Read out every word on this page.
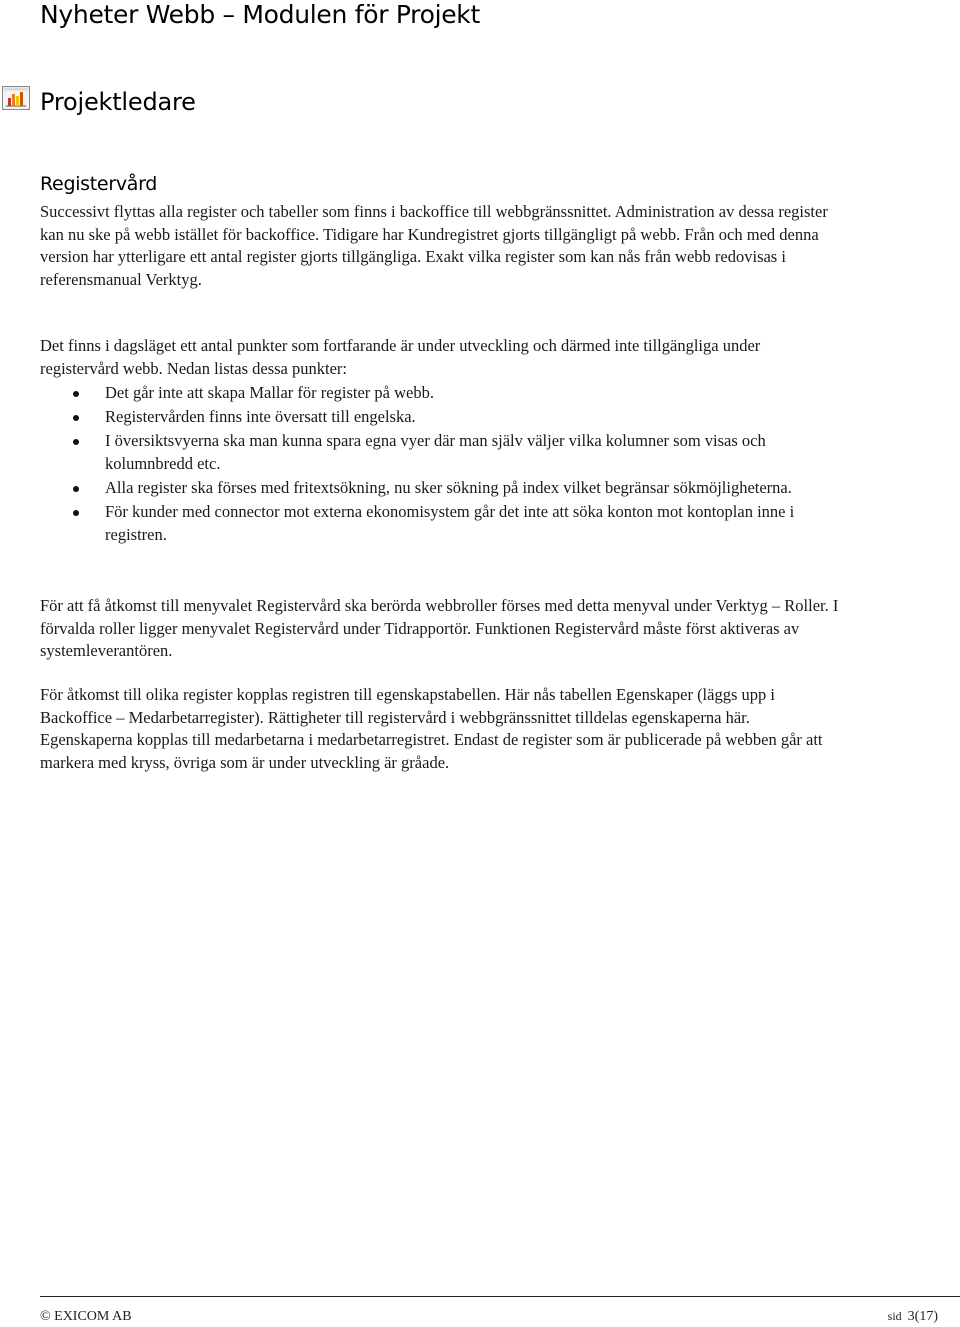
Nyheter Webb – Modulen för Projekt
Projektledare
Registervård

Successivt flyttas alla register och tabeller som finns i backoffice till webbgränssnittet. Administration av dessa register kan nu ske på webb istället för backoffice. Tidigare har Kundregistret gjorts tillgängligt på webb. Från och med denna version har ytterligare ett antal register gjorts tillgängliga. Exakt vilka register som kan nås från webb redovisas i referensmanual Verktyg.

Det finns i dagsläget ett antal punkter som fortfarande är under utveckling och därmed inte tillgängliga under registervård webb. Nedan listas dessa punkter:

Det går inte att skapa Mallar för register på webb.
Registervården finns inte översatt till engelska.
I översiktsvyerna ska man kunna spara egna vyer där man själv väljer vilka kolumner som visas och kolumnbredd etc.
Alla register ska förses med fritextsökning, nu sker sökning på index vilket begränsar sökmöjligheterna.
För kunder med connector mot externa ekonomisystem går det inte att söka konton mot kontoplan inne i registren.

För att få åtkomst till menyvalet Registervård ska berörda webbroller förses med detta menyval under Verktyg – Roller. I förvalda roller ligger menyvalet Registervård under Tidrapportör. Funktionen Registervård måste först aktiveras av systemleverantören.

För åtkomst till olika register kopplas registren till egenskapstabellen. Här nås tabellen Egenskaper (läggs upp i Backoffice – Medarbetarregister). Rättigheter till registervård i webbgränssnittet tilldelas egenskaperna här. Egenskaperna kopplas till medarbetarna i medarbetarregistret. Endast de register som är publicerade på webben går att markera med kryss, övriga som är under utveckling är gråade.

© EXICOM AB	sid 3(17)
